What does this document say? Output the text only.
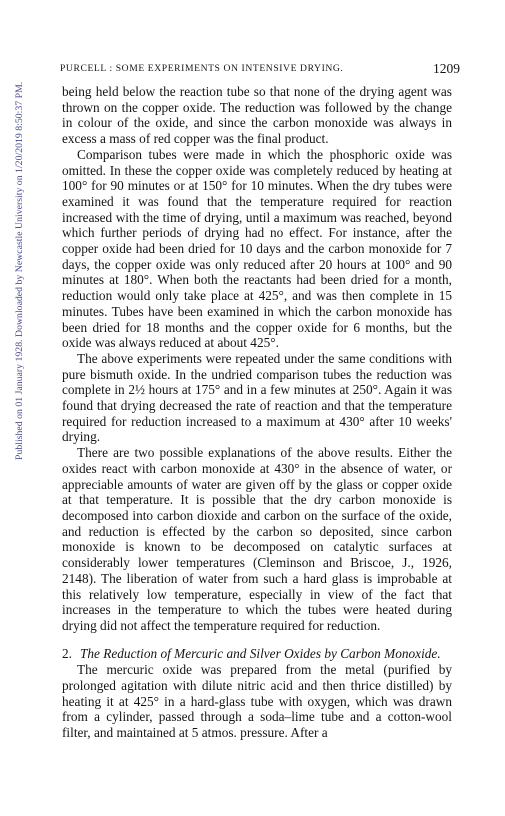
PURCELL : SOME EXPERIMENTS ON INTENSIVE DRYING.	1209
Published on 01 January 1928. Downloaded by Newcastle University on 1/20/2019 8:50:37 PM.	being held below the reaction tube so that none of the drying agent was thrown on the copper oxide. The reduction was followed by the change in colour of the oxide, and since the carbon monoxide was always in excess a mass of red copper was the final product.

Comparison tubes were made in which the phosphoric oxide was omitted. In these the copper oxide was completely reduced by heating at 100° for 90 minutes or at 150° for 10 minutes. When the dry tubes were examined it was found that the temperature required for reaction increased with the time of drying, until a maximum was reached, beyond which further periods of drying had no effect. For instance, after the copper oxide had been dried for 10 days and the carbon monoxide for 7 days, the copper oxide was only reduced after 20 hours at 100° and 90 minutes at 180°. When both the reactants had been dried for a month, reduction would only take place at 425°, and was then complete in 15 minutes. Tubes have been examined in which the carbon monoxide has been dried for 18 months and the copper oxide for 6 months, but the oxide was always reduced at about 425°.

The above experiments were repeated under the same conditions with pure bismuth oxide. In the undried comparison tubes the reduction was complete in 2½ hours at 175° and in a few minutes at 250°. Again it was found that drying decreased the rate of reaction and that the temperature required for reduction increased to a maximum at 430° after 10 weeks' drying.

There are two possible explanations of the above results. Either the oxides react with carbon monoxide at 430° in the absence of water, or appreciable amounts of water are given off by the glass or copper oxide at that temperature. It is possible that the dry carbon monoxide is decomposed into carbon dioxide and carbon on the surface of the oxide, and reduction is effected by the carbon so deposited, since carbon monoxide is known to be decomposed on catalytic surfaces at considerably lower temperatures (Cleminson and Briscoe, J., 1926, 2148). The liberation of water from such a hard glass is improbable at this relatively low temperature, especially in view of the fact that increases in the temperature to which the tubes were heated during drying did not affect the temperature required for reduction.

2. The Reduction of Mercuric and Silver Oxides by Carbon Monoxide.

The mercuric oxide was prepared from the metal (purified by prolonged agitation with dilute nitric acid and then thrice distilled) by heating it at 425° in a hard-glass tube with oxygen, which was drawn from a cylinder, passed through a soda–lime tube and a cotton-wool filter, and maintained at 5 atmos. pressure. After a
